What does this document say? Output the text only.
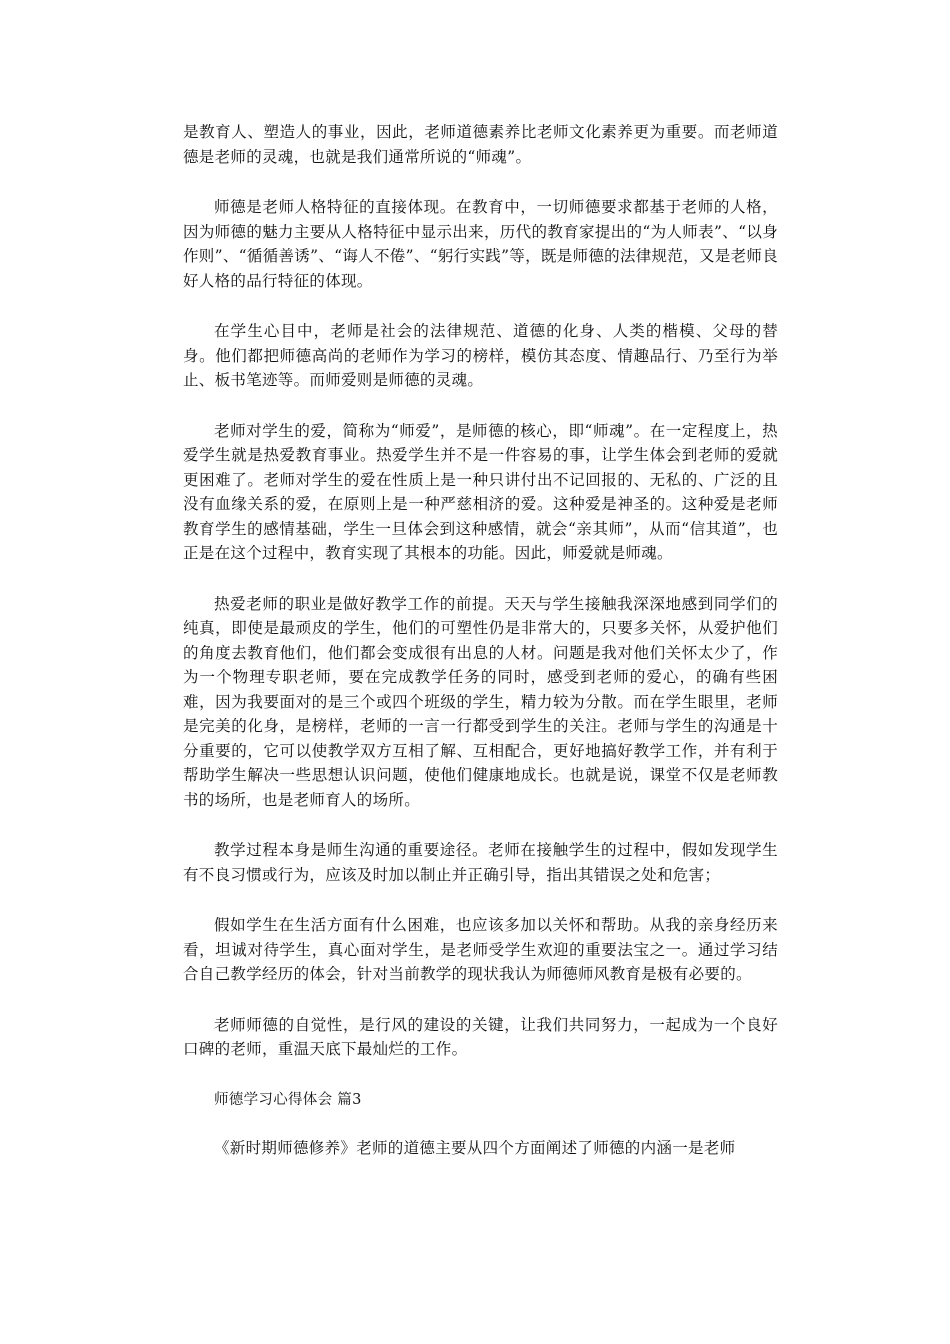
是教育人、塑造人的事业，因此，老师道德素养比老师文化素养更为重要。而老师道德是老师的灵魂，也就是我们通常所说的“师魂”。

师德是老师人格特征的直接体现。在教育中，一切师德要求都基于老师的人格，因为师德的魅力主要从人格特征中显示出来，历代的教育家提出的“为人师表”、“以身作则”、“循循善诱”、“诲人不倦”、“躬行实践”等，既是师德的法律规范，又是老师良好人格的品行特征的体现。

在学生心目中，老师是社会的法律规范、道德的化身、人类的楷模、父母的替身。他们都把师德高尚的老师作为学习的榜样，模仿其态度、情趣品行、乃至行为举止、板书笔迹等。而师爱则是师德的灵魂。

老师对学生的爱，简称为“师爱”，是师德的核心，即“师魂”。在一定程度上，热爱学生就是热爱教育事业。热爱学生并不是一件容易的事，让学生体会到老师的爱就更困难了。老师对学生的爱在性质上是一种只讲付出不记回报的、无私的、广泛的且没有血缘关系的爱，在原则上是一种严慈相济的爱。这种爱是神圣的。这种爱是老师教育学生的感情基础，学生一旦体会到这种感情，就会“亲其师”，从而“信其道”，也正是在这个过程中，教育实现了其根本的功能。因此，师爱就是师魂。

热爱老师的职业是做好教学工作的前提。天天与学生接触我深深地感到同学们的纯真，即使是最顽皮的学生，他们的可塑性仍是非常大的，只要多关怀，从爱护他们的角度去教育他们，他们都会变成很有出息的人材。问题是我对他们关怀太少了，作为一个物理专职老师，要在完成教学任务的同时，感受到老师的爱心，的确有些困难，因为我要面对的是三个或四个班级的学生，精力较为分散。而在学生眼里，老师是完美的化身，是榜样，老师的一言一行都受到学生的关注。老师与学生的沟通是十分重要的，它可以使教学双方互相了解、互相配合，更好地搞好教学工作，并有利于帮助学生解决一些思想认识问题，使他们健康地成长。也就是说，课堂不仅是老师教书的场所，也是老师育人的场所。

教学过程本身是师生沟通的重要途径。老师在接触学生的过程中，假如发现学生有不良习惯或行为，应该及时加以制止并正确引导，指出其错误之处和危害；

假如学生在生活方面有什么困难，也应该多加以关怀和帮助。从我的亲身经历来看，坦诚对待学生，真心面对学生，是老师受学生欢迎的重要法宝之一。通过学习结合自己教学经历的体会，针对当前教学的现状我认为师德师风教育是极有必要的。

老师师德的自觉性，是行风的建设的关键，让我们共同努力，一起成为一个良好口碑的老师，重温天底下最灿烂的工作。

师德学习心得体会 篇3

《新时期师德修养》老师的道德主要从四个方面阐述了师德的内涵一是老师
